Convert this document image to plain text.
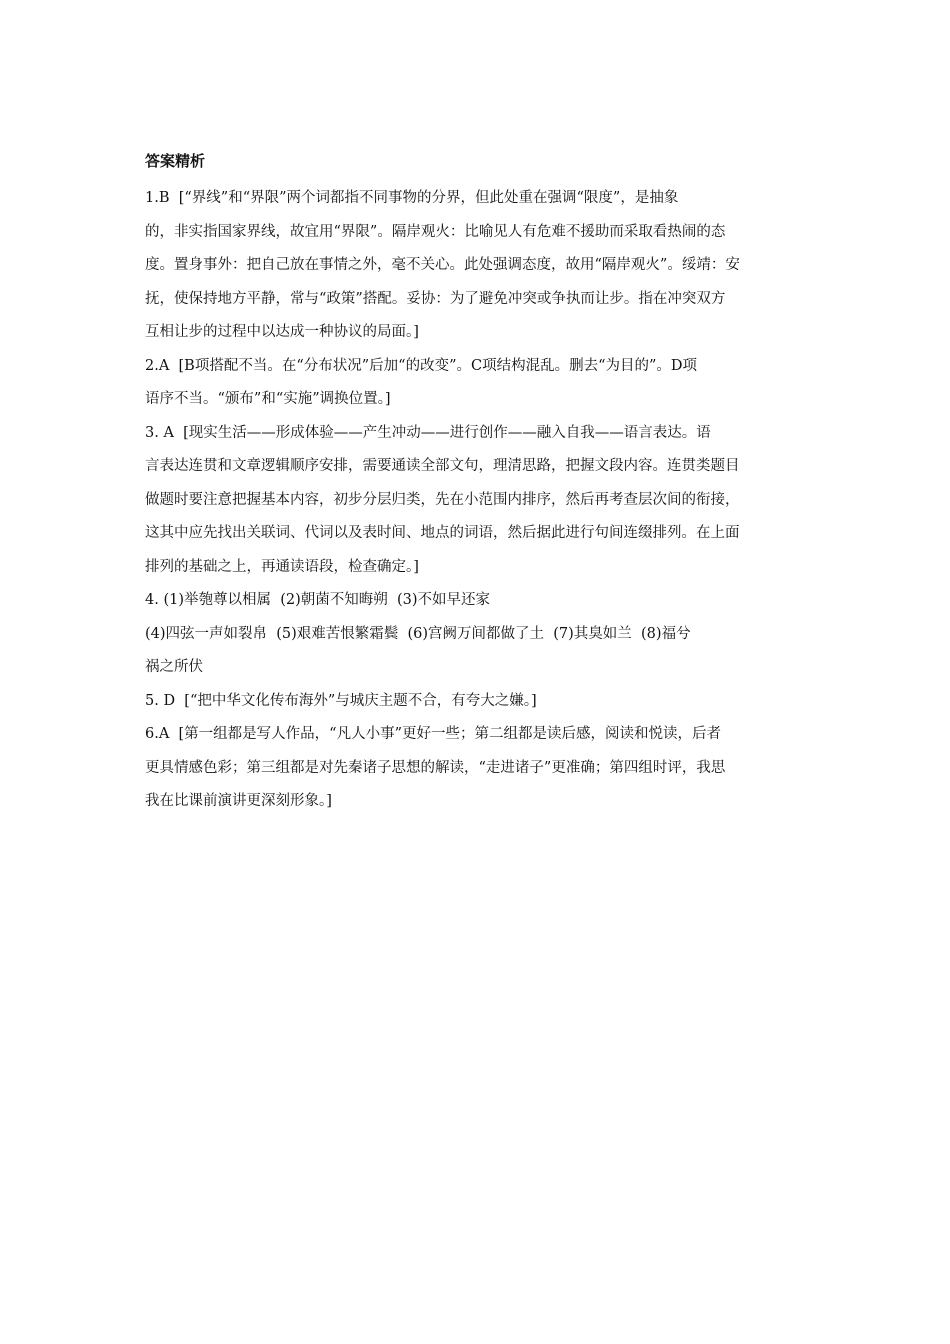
答案精析

1.B  [“界线”和“界限”两个词都指不同事物的分界，但此处重在强调“限度”，是抽象
的，非实指国家界线，故宜用“界限”。隔岸观火：比喻见人有危难不援助而采取看热闹的态
度。置身事外：把自己放在事情之外，毫不关心。此处强调态度，故用“隔岸观火”。绥靖：安
抚，使保持地方平静，常与“政策”搭配。妥协：为了避免冲突或争执而让步。指在冲突双方
互相让步的过程中以达成一种协议的局面。]

2.A  [B项搭配不当。在“分布状况”后加“的改变”。C项结构混乱。删去“为目的”。D项
语序不当。“颁布”和“实施”调换位置。]

3. A  [现实生活——形成体验——产生冲动——进行创作——融入自我——语言表达。语
言表达连贯和文章逻辑顺序安排，需要通读全部文句，理清思路，把握文段内容。连贯类题目
做题时要注意把握基本内容，初步分层归类，先在小范围内排序，然后再考查层次间的衔接，
这其中应先找出关联词、代词以及表时间、地点的词语，然后据此进行句间连缀排列。在上面
排列的基础之上，再通读语段，检查确定。]

4. (1)举匏尊以相属  (2)朝菌不知晦朔  (3)不如早还家
(4)四弦一声如裂帛  (5)艰难苦恨繁霜鬓  (6)宫阙万间都做了土  (7)其臭如兰  (8)福兮
祸之所伏

5. D  [“把中华文化传布海外”与城庆主题不合，有夸大之嫌。]

6.A  [第一组都是写人作品，“凡人小事”更好一些；第二组都是读后感，阅读和悦读，后者
更具情感色彩；第三组都是对先秦诸子思想的解读，“走进诸子”更准确；第四组时评，我思
我在比课前演讲更深刻形象。]
